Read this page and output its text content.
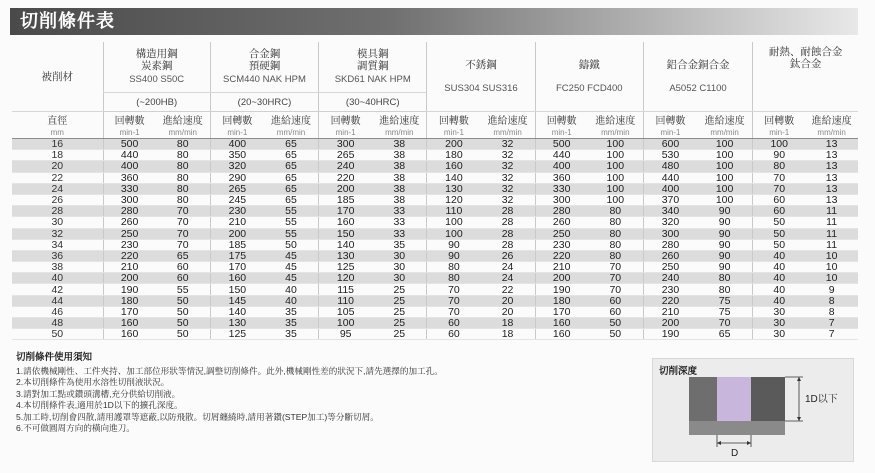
切削條件表
被削材	構造用鋼
炭素鋼
SS400 S50C		合金鋼
預硬鋼
SCM440 NAK HPM		模具鋼
調質鋼
SKD61 NAK HPM		不銹鋼
SUS304 SUS316		鑄鐵
FC250 FCD400		鋁合金銅合金
A5052 C1100		耐熱、耐蝕合金
鈦合金	

	(~200HB)		(20~30HRC)		(30~40HRC)									
直徑	回轉數	進給速度	回轉數	進給速度	回轉數	進給速度	回轉數	進給速度	回轉數	進給速度	回轉數	進給速度	回轉數	進給速度
mm	min-1	mm/min	min-1	mm/min	min-1	mm/min	min-1	mm/min	min-1	mm/min	min-1	mm/min	min-1	mm/min
16	500	80	400	65	300	38	200	32	500	100	600	100	100	13
18	440	80	350	65	265	38	180	32	440	100	530	100	90	13
20	400	80	320	65	240	38	160	32	400	100	480	100	80	13
22	360	80	290	65	220	38	140	32	360	100	440	100	70	13
24	330	80	265	65	200	38	130	32	330	100	400	100	70	13
26	300	80	245	65	185	38	120	32	300	100	370	100	60	13
28	280	70	230	55	170	33	110	28	280	80	340	90	60	11
30	260	70	210	55	160	33	100	28	260	80	320	90	50	11
32	250	70	200	55	150	33	100	28	250	80	300	90	50	11
34	230	70	185	50	140	35	90	28	230	80	280	90	50	11
36	220	65	175	45	130	30	90	26	220	80	260	90	40	10
38	210	60	170	45	125	30	80	24	210	70	250	90	40	10
40	200	60	160	45	120	30	80	24	200	70	240	80	40	10
42	190	55	150	40	115	25	70	22	190	70	230	80	40	9
44	180	50	145	40	110	25	70	20	180	60	220	75	40	8
46	170	50	140	35	105	25	70	20	170	60	210	75	30	8
48	160	50	130	35	100	25	60	18	160	50	200	70	30	7
50	160	50	125	35	95	25	60	18	160	50	190	65	30	7
切削條件使用須知
1.請依機械剛性、工件夾持、加工部位形狀等情況,調整切削條件。此外,機械剛性差的狀況下,請先選擇的加工孔。
2.本切削條件為使用水溶性切削液狀況。
3.請對加工點或鑽頭溝槽,充分供給切削液。
4.本切削條件表,適用於1D以下的擴孔深度。
5.加工時,切削會四散,請用護罩等遮蔽,以防飛散。切屑纏繞時,請用著鑽(STEP加工)等分斷切屑。
6.不可做圓周方向的橫向進刀。
切削深度
1D以下
D
